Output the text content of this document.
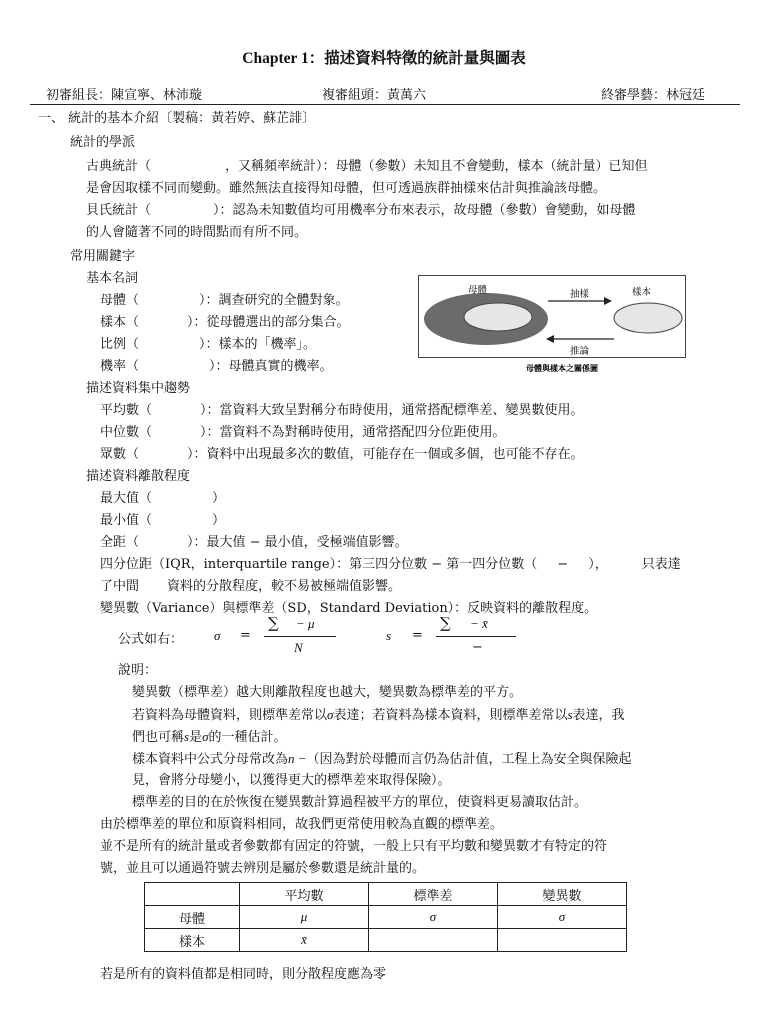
Chapter 1：描述資料特徵的統計量與圖表
初審組長：陳宣寧、林沛璇	複審組頭：黃萬六	終審學藝：林冠廷
一、 統計的基本介紹〔製稿：黃若婷、蘇芷誹〕
統計的學派
古典統計（	，又稱頻率統計）：母體（參數）未知且不會變動，樣本（統計量）已知但
是會因取樣不同而變動。雖然無法直接得知母體，但可透過族群抽樣來估計與推論該母體。
貝氏統計（	）：認為未知數值均可用機率分布來表示，故母體（參數）會變動，如母體
的人會隨著不同的時間點而有所不同。
常用關鍵字
基本名詞
母體（	）：調查研究的全體對象。
樣本（	）：從母體選出的部分集合。
比例（	）：樣本的「機率」。
機率（	）：母體真實的機率。
母體	樣本
抽樣
推論
母體與樣本之關係圖
描述資料集中趨勢
平均數（	）：當資料大致呈對稱分布時使用，通常搭配標準差、變異數使用。
中位數（	）：當資料不為對稱時使用，通常搭配四分位距使用。
眾數（	）：資料中出現最多次的數值，可能存在一個或多個，也可能不存在。
描述資料離散程度
最大值（	）
最小值（	）
全距（	）：最大值 − 最小值，受極端值影響。
四分位距（IQR，interquartile range）：第三四分位數 − 第一四分位數（ − ），	只表達
了中間 資料的分散程度，較不易被極端值影響。
變異數（Variance）與標準差（SD，Standard Deviation）：反映資料的離散程度。
公式如右： σ =
∑ − μ
N
s =
∑ − x̄
−
說明：
變異數（標準差）越大則離散程度也越大，變異數為標準差的平方。
若資料為母體資料，則標準差常以σ表達；若資料為樣本資料，則標準差常以s表達，我
們也可稱s是σ的一種估計。
樣本資料中公式分母常改為n −（因為對於母體而言仍為估計值，工程上為安全與保險起
見，會將分母變小，以獲得更大的標準差來取得保險）。
標準差的目的在於恢復在變異數計算過程被平方的單位，使資料更易讀取估計。
由於標準差的單位和原資料相同，故我們更常使用較為直觀的標準差。
並不是所有的統計量或者參數都有固定的符號，一般上只有平均數和變異數才有特定的符
號，並且可以通過符號去辨別是屬於參數還是統計量的。
	平均數	標準差	變異數
母體	μ	σ	σ
樣本	x̄		
若是所有的資料值都是相同時，則分散程度應為零
